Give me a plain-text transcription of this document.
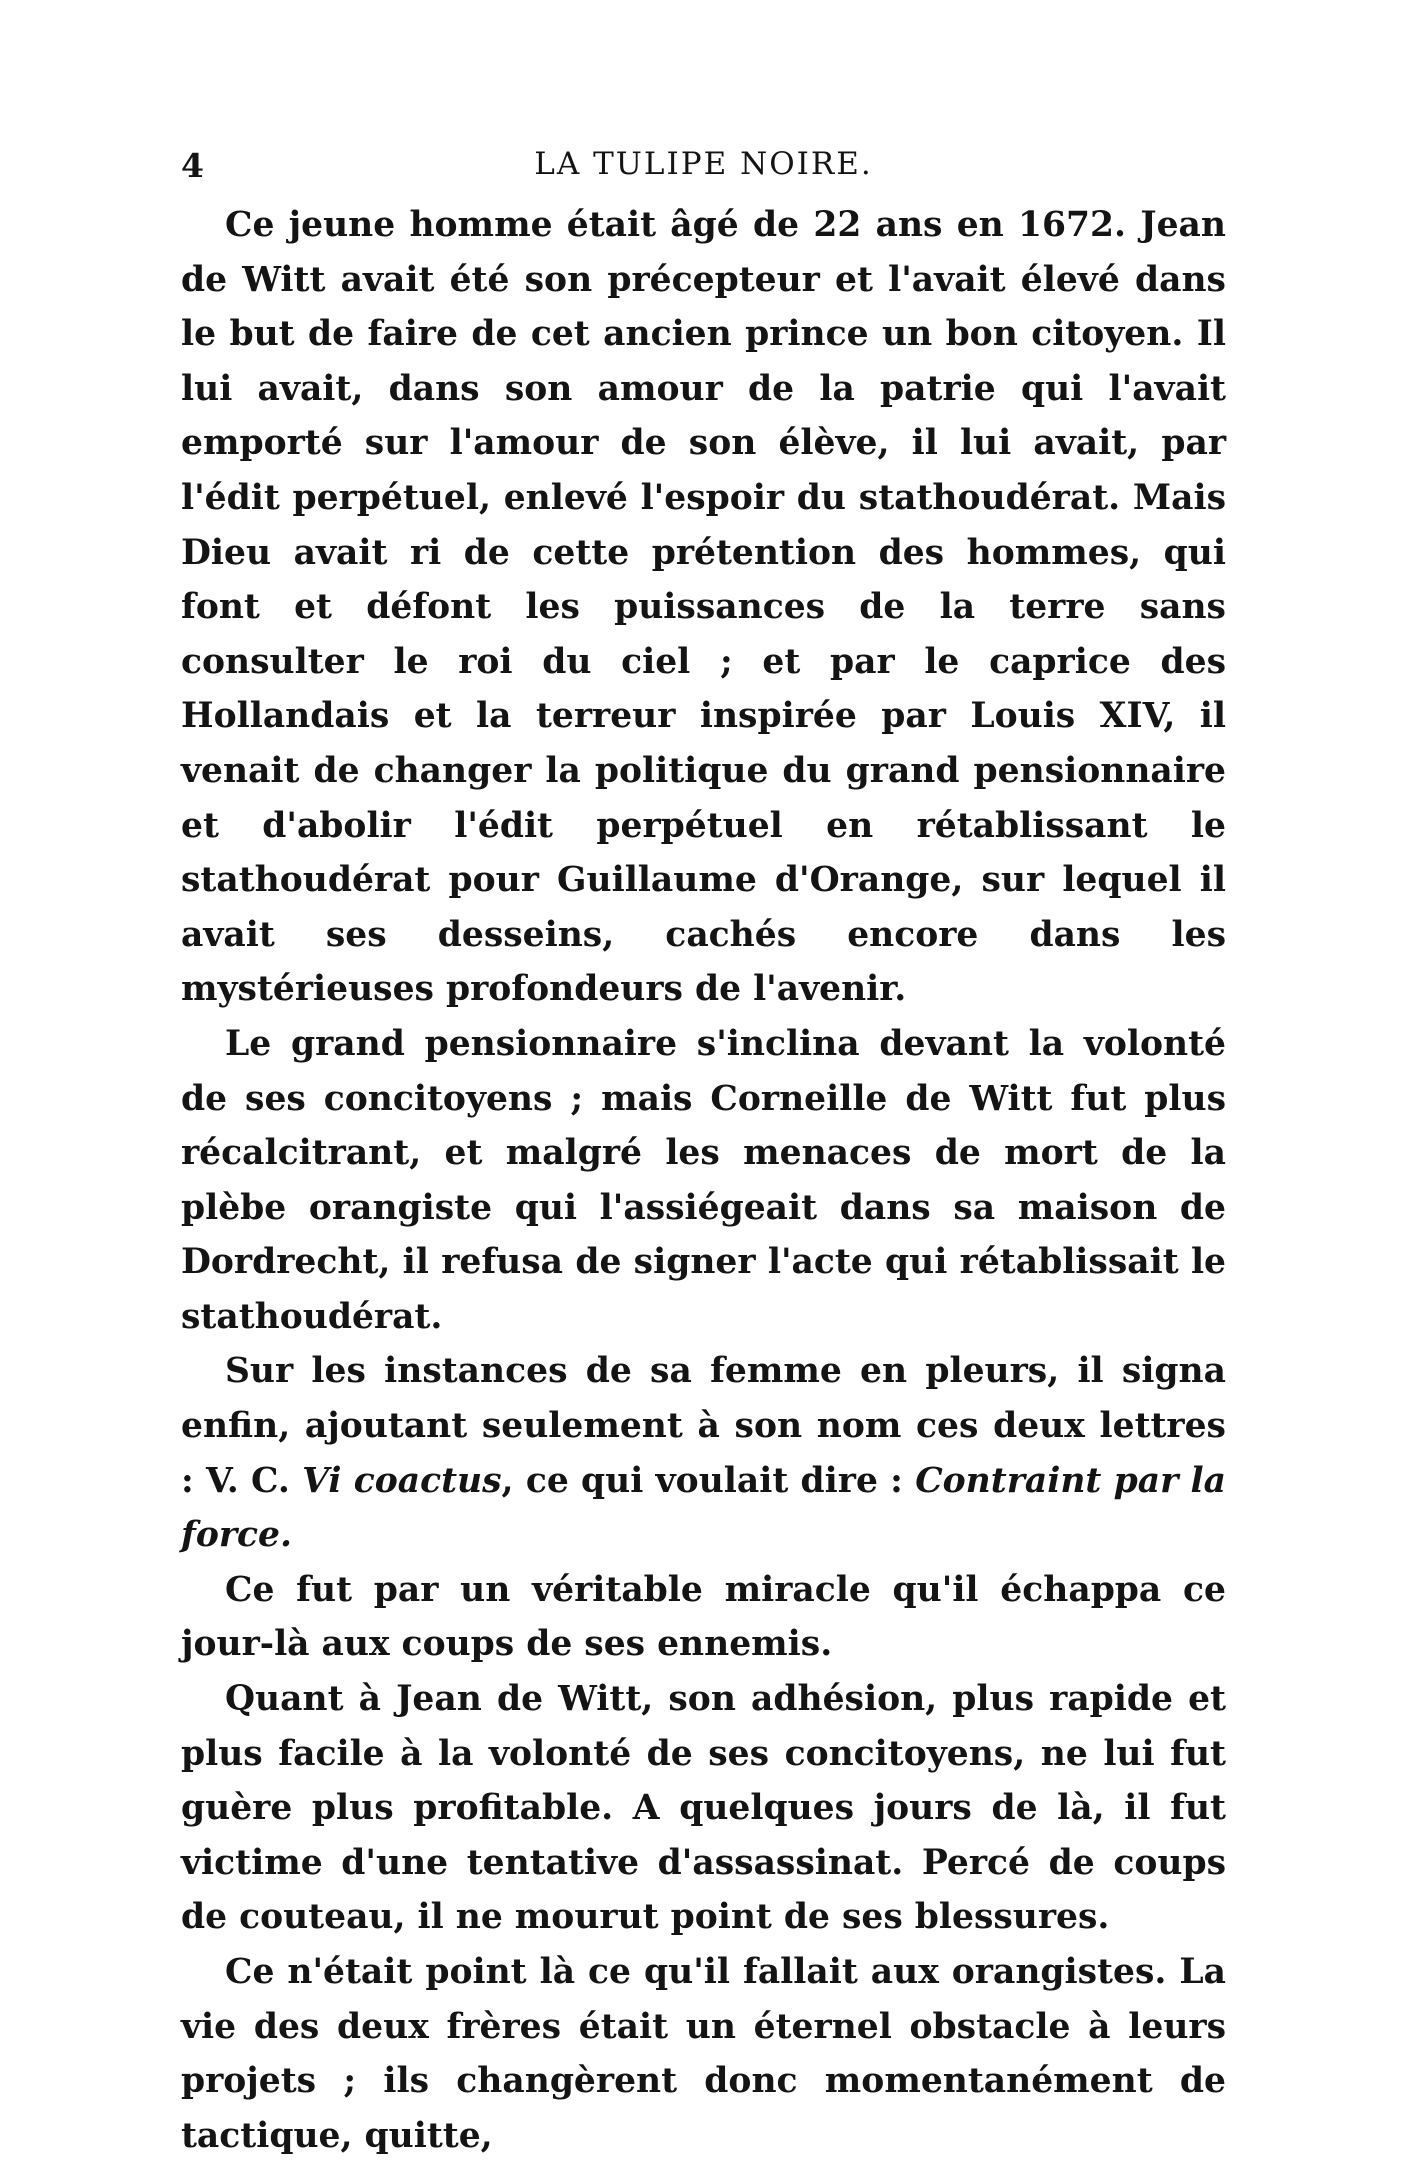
4	LA TULIPE NOIRE.

Ce jeune homme était âgé de 22 ans en 1672. Jean de Witt avait été son précepteur et l'avait élevé dans le but de faire de cet ancien prince un bon citoyen. Il lui avait, dans son amour de la patrie qui l'avait emporté sur l'amour de son élève, il lui avait, par l'édit perpétuel, enlevé l'espoir du stathoudérat. Mais Dieu avait ri de cette prétention des hommes, qui font et défont les puissances de la terre sans consulter le roi du ciel ; et par le caprice des Hollandais et la terreur inspirée par Louis XIV, il venait de changer la politique du grand pensionnaire et d'abolir l'édit perpétuel en rétablissant le stathoudérat pour Guillaume d'Orange, sur lequel il avait ses desseins, cachés encore dans les mystérieuses profondeurs de l'avenir.

Le grand pensionnaire s'inclina devant la volonté de ses concitoyens ; mais Corneille de Witt fut plus récalcitrant, et malgré les menaces de mort de la plèbe orangiste qui l'assiégeait dans sa maison de Dordrecht, il refusa de signer l'acte qui rétablissait le stathoudérat.

Sur les instances de sa femme en pleurs, il signa enfin, ajoutant seulement à son nom ces deux lettres : V. C. Vi coactus, ce qui voulait dire : Contraint par la force.

Ce fut par un véritable miracle qu'il échappa ce jour-là aux coups de ses ennemis.

Quant à Jean de Witt, son adhésion, plus rapide et plus facile à la volonté de ses concitoyens, ne lui fut guère plus profitable. A quelques jours de là, il fut victime d'une tentative d'assassinat. Percé de coups de couteau, il ne mourut point de ses blessures.

Ce n'était point là ce qu'il fallait aux orangistes. La vie des deux frères était un éternel obstacle à leurs projets ; ils changèrent donc momentanément de tactique, quitte,
